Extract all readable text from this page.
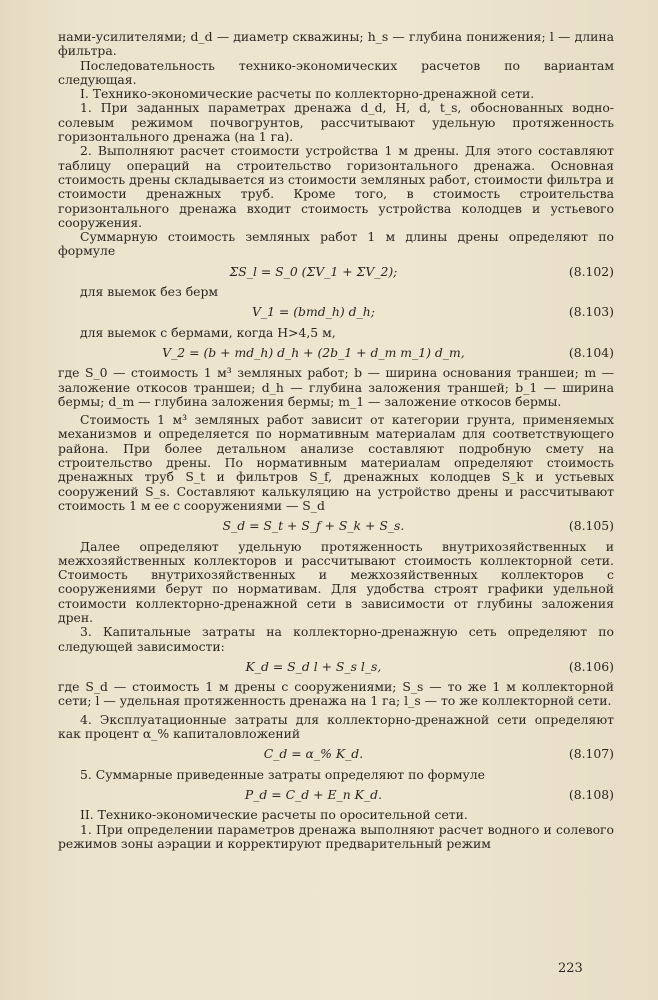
нами-усилителями; d_d — диаметр скважины; h_s — глубина понижения; l — длина фильтра.

Последовательность технико-экономических расчетов по вариантам следующая.

I. Технико-экономические расчеты по коллекторно-дренажной сети.

1. При заданных параметрах дренажа d_d, H, d, t_s, обоснованных водно-солевым режимом почвогрунтов, рассчитывают удельную протяженность горизонтального дренажа (на 1 га).

2. Выполняют расчет стоимости устройства 1 м дрены. Для этого составляют таблицу операций на строительство горизонтального дренажа. Основная стоимость дрены складывается из стоимости земляных работ, стоимости фильтра и стоимости дренажных труб. Кроме того, в стоимость строительства горизонтального дренажа входит стоимость устройства колодцев и устьевого сооружения.

Суммарную стоимость земляных работ 1 м длины дрены определяют по формуле

ΣS_l = S_0 (ΣV_1 + ΣV_2);	(8.102)

для выемок без берм

V_1 = (bmd_h) d_h;	(8.103)

для выемок с бермами, когда H>4,5 м,

V_2 = (b + md_h) d_h + (2b_1 + d_m m_1) d_m,	(8.104)

где S_0 — стоимость 1 м³ земляных работ; b — ширина основания траншеи; m — заложение откосов траншеи; d_h — глубина заложения траншей; b_1 — ширина бермы; d_m — глубина заложения бермы; m_1 — заложение откосов бермы.

Стоимость 1 м³ земляных работ зависит от категории грунта, применяемых механизмов и определяется по нормативным материалам для соответствующего района. При более детальном анализе составляют подробную смету на строительство дрены. По нормативным материалам определяют стоимость дренажных труб S_t и фильтров S_f, дренажных колодцев S_k и устьевых сооружений S_s. Составляют калькуляцию на устройство дрены и рассчитывают стоимость 1 м ее с сооружениями — S_d

S_d = S_t + S_f + S_k + S_s.	(8.105)

Далее определяют удельную протяженность внутрихозяйственных и межхозяйственных коллекторов и рассчитывают стоимость коллекторной сети. Стоимость внутрихозяйственных и межхозяйственных коллекторов с сооружениями берут по нормативам. Для удобства строят графики удельной стоимости коллекторно-дренажной сети в зависимости от глубины заложения дрен.

3. Капитальные затраты на коллекторно-дренажную сеть определяют по следующей зависимости:

K_d = S_d l + S_s l_s,	(8.106)

где S_d — стоимость 1 м дрены с сооружениями; S_s — то же 1 м коллекторной сети; l — удельная протяженность дренажа на 1 га; l_s — то же коллекторной сети.

4. Эксплуатационные затраты для коллекторно-дренажной сети определяют как процент α_% капиталовложений

C_d = α_% K_d.	(8.107)

5. Суммарные приведенные затраты определяют по формуле

P_d = C_d + E_n K_d.	(8.108)

II. Технико-экономические расчеты по оросительной сети.

1. При определении параметров дренажа выполняют расчет водного и солевого режимов зоны аэрации и корректируют предварительный режим

223
